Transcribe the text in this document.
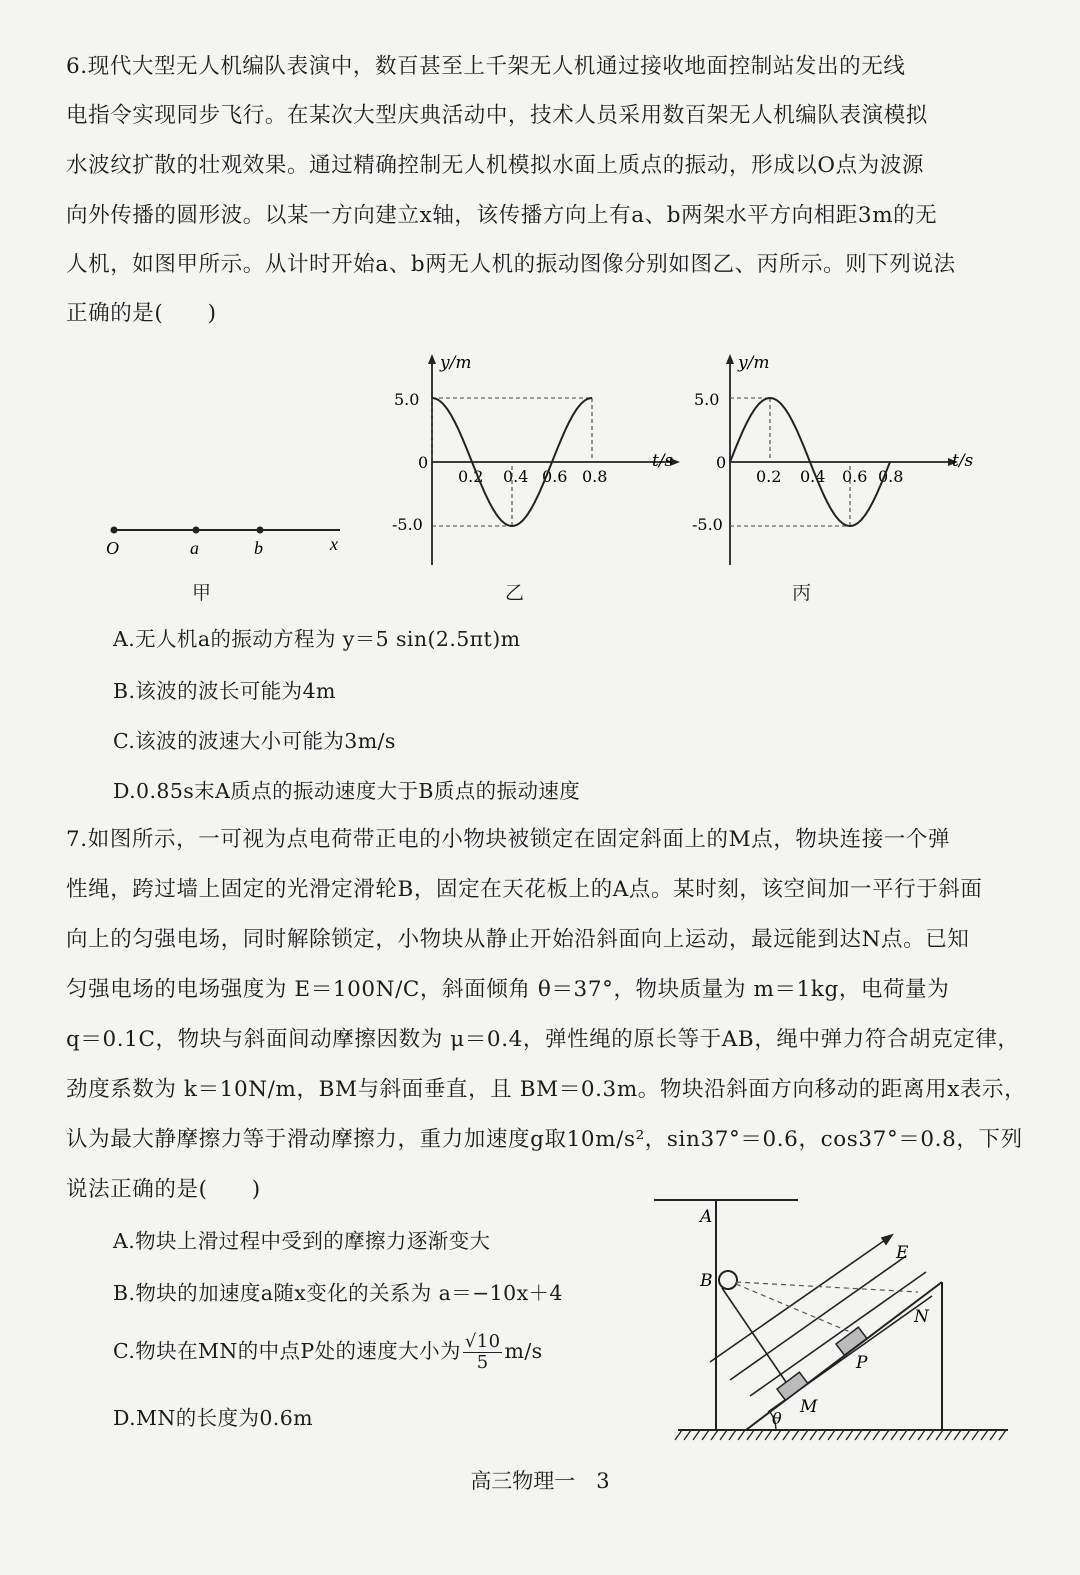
6.现代大型无人机编队表演中，数百甚至上千架无人机通过接收地面控制站发出的无线
电指令实现同步飞行。在某次大型庆典活动中，技术人员采用数百架无人机编队表演模拟
水波纹扩散的壮观效果。通过精确控制无人机模拟水面上质点的振动，形成以O点为波源
向外传播的圆形波。以某一方向建立x轴，该传播方向上有a、b两架水平方向相距3m的无
人机，如图甲所示。从计时开始a、b两无人机的振动图像分别如图乙、丙所示。则下列说法
正确的是(　　)
O	a	b	x
甲
y/m
t/s
5.0
0
-5.0
0.2 0.4 0.6 0.8
乙
y/m
t/s
5.0
0
-5.0
0.2 0.4 0.6 0.8
丙
A.无人机a的振动方程为 y＝5 sin(2.5πt)m
B.该波的波长可能为4m
C.该波的波速大小可能为3m/s
D.0.85s末A质点的振动速度大于B质点的振动速度
7.如图所示，一可视为点电荷带正电的小物块被锁定在固定斜面上的M点，物块连接一个弹
性绳，跨过墙上固定的光滑定滑轮B，固定在天花板上的A点。某时刻，该空间加一平行于斜面
向上的匀强电场，同时解除锁定，小物块从静止开始沿斜面向上运动，最远能到达N点。已知
匀强电场的电场强度为 E＝100N/C，斜面倾角 θ＝37°，物块质量为 m＝1kg，电荷量为
q＝0.1C，物块与斜面间动摩擦因数为 μ＝0.4，弹性绳的原长等于AB，绳中弹力符合胡克定律，
劲度系数为 k＝10N/m，BM与斜面垂直，且 BM＝0.3m。物块沿斜面方向移动的距离用x表示，
认为最大静摩擦力等于滑动摩擦力，重力加速度g取10m/s²，sin37°＝0.6，cos37°＝0.8，下列
说法正确的是(　　)
A.物块上滑过程中受到的摩擦力逐渐变大
B.物块的加速度a随x变化的关系为 a＝−10x＋4
C.物块在MN的中点P处的速度大小为 $\frac{√10}{5} m/s$
D.MN的长度为0.6m
A
B
E
M
P
N
θ
高三物理一　3
